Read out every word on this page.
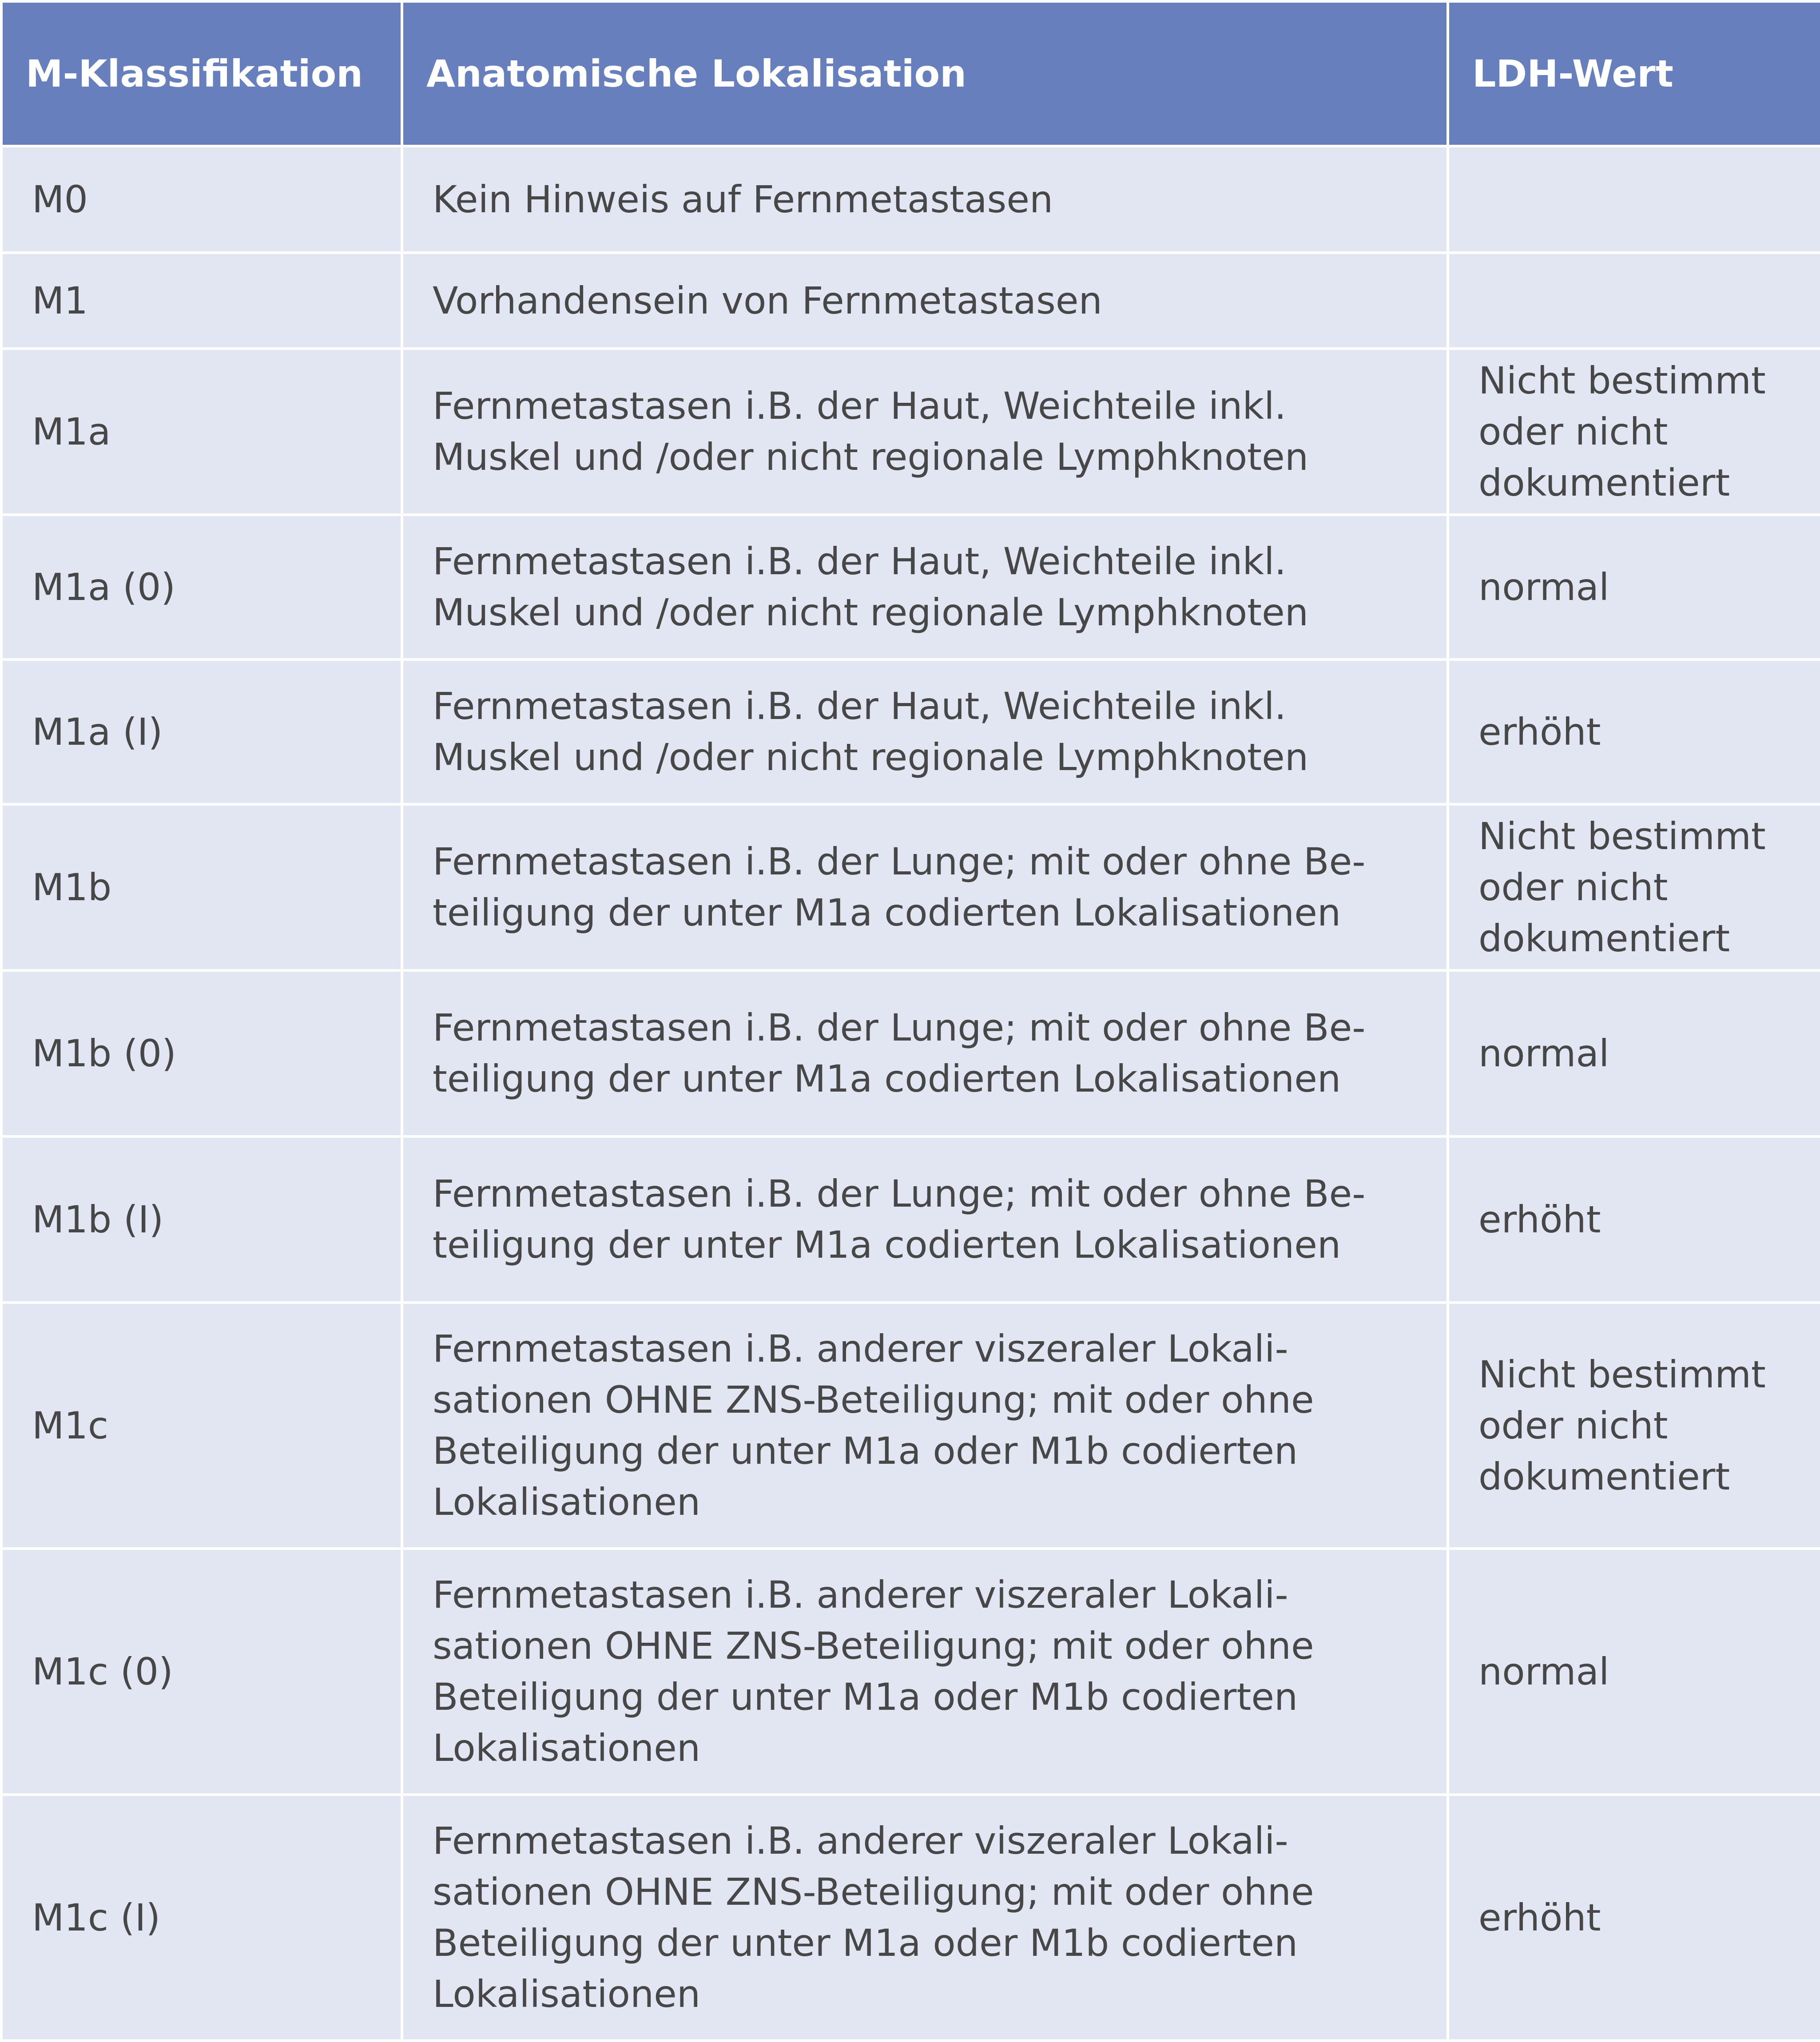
M-Klassifikation	Anatomische Lokalisation	LDH-Wert
M0	Kein Hinweis auf Fernmetastasen	
M1	Vorhandensein von Fernmetastasen	
M1a	Fernmetastasen i.B. der Haut, Weichteile inkl. Muskel und /oder nicht regionale Lymphknoten	Nicht bestimmt oder nicht dokumentiert
M1a (0)	Fernmetastasen i.B. der Haut, Weichteile inkl. Muskel und /oder nicht regionale Lymphknoten	normal
M1a (I)	Fernmetastasen i.B. der Haut, Weichteile inkl. Muskel und /oder nicht regionale Lymphknoten	erhöht
M1b	Fernmetastasen i.B. der Lunge; mit oder ohne Beteiligung der unter M1a codierten Lokalisationen	Nicht bestimmt oder nicht dokumentiert
M1b (0)	Fernmetastasen i.B. der Lunge; mit oder ohne Beteiligung der unter M1a codierten Lokalisationen	normal
M1b (I)	Fernmetastasen i.B. der Lunge; mit oder ohne Beteiligung der unter M1a codierten Lokalisationen	erhöht
M1c	Fernmetastasen i.B. anderer viszeraler Lokalisationen OHNE ZNS-Beteiligung; mit oder ohne Beteiligung der unter M1a oder M1b codierten Lokalisationen	Nicht bestimmt oder nicht dokumentiert
M1c (0)	Fernmetastasen i.B. anderer viszeraler Lokalisationen OHNE ZNS-Beteiligung; mit oder ohne Beteiligung der unter M1a oder M1b codierten Lokalisationen	normal
M1c (I)	Fernmetastasen i.B. anderer viszeraler Lokalisationen OHNE ZNS-Beteiligung; mit oder ohne Beteiligung der unter M1a oder M1b codierten Lokalisationen	erhöht
